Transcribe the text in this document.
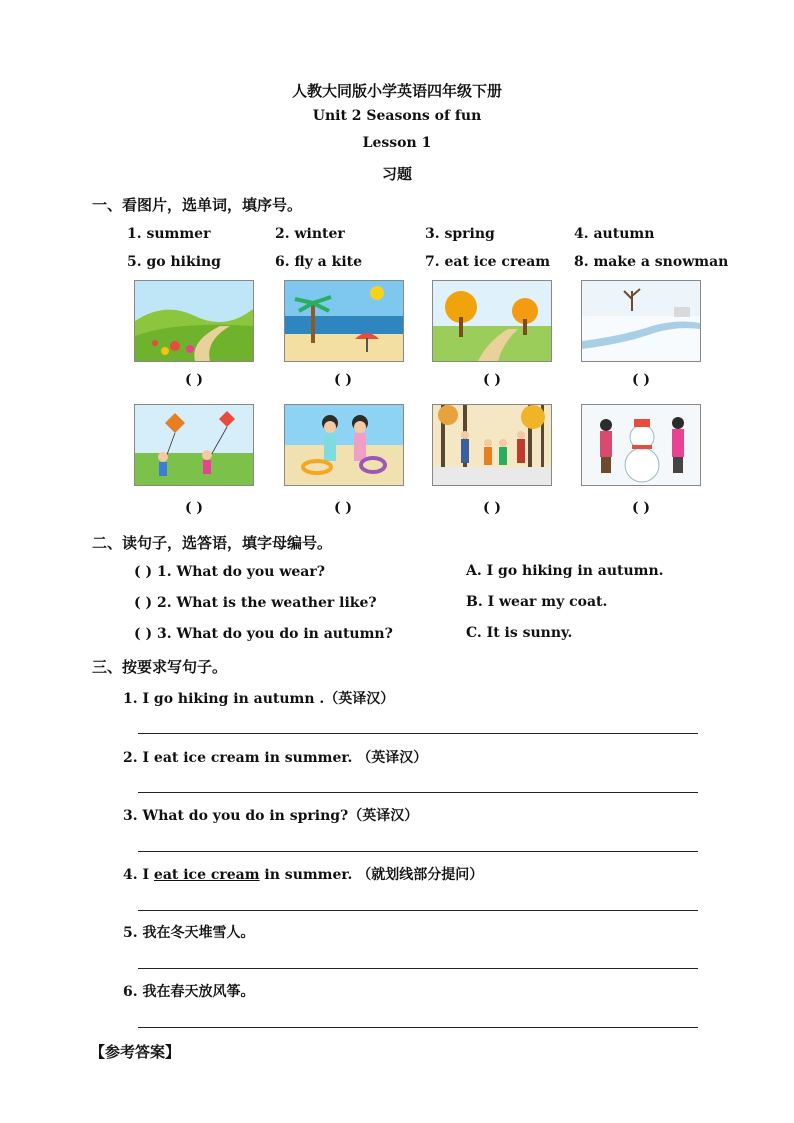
人教大同版小学英语四年级下册
Unit 2 Seasons of fun
Lesson 1
习题
一、看图片，选单词，填序号。
1. summer	2. winter	3. spring	4. autumn
5. go hiking	6. fly a kite	7. eat ice cream 8. make a snowman
( )	( )	( )	( )
( )	( )	( )	( )
二、读句子，选答语，填字母编号。
( ) 1. What do you wear?
( ) 2. What is the weather like?
( ) 3. What do you do in autumn?
A. I go hiking in autumn.
B. I wear my coat.
C. It is sunny.
三、按要求写句子。
1. I go hiking in autumn .（英译汉）
2. I eat ice cream in summer. （英译汉）
3. What do you do in spring?（英译汉）
4. I eat ice cream in summer. （就划线部分提问）
5. 我在冬天堆雪人。
6. 我在春天放风筝。
【参考答案】
